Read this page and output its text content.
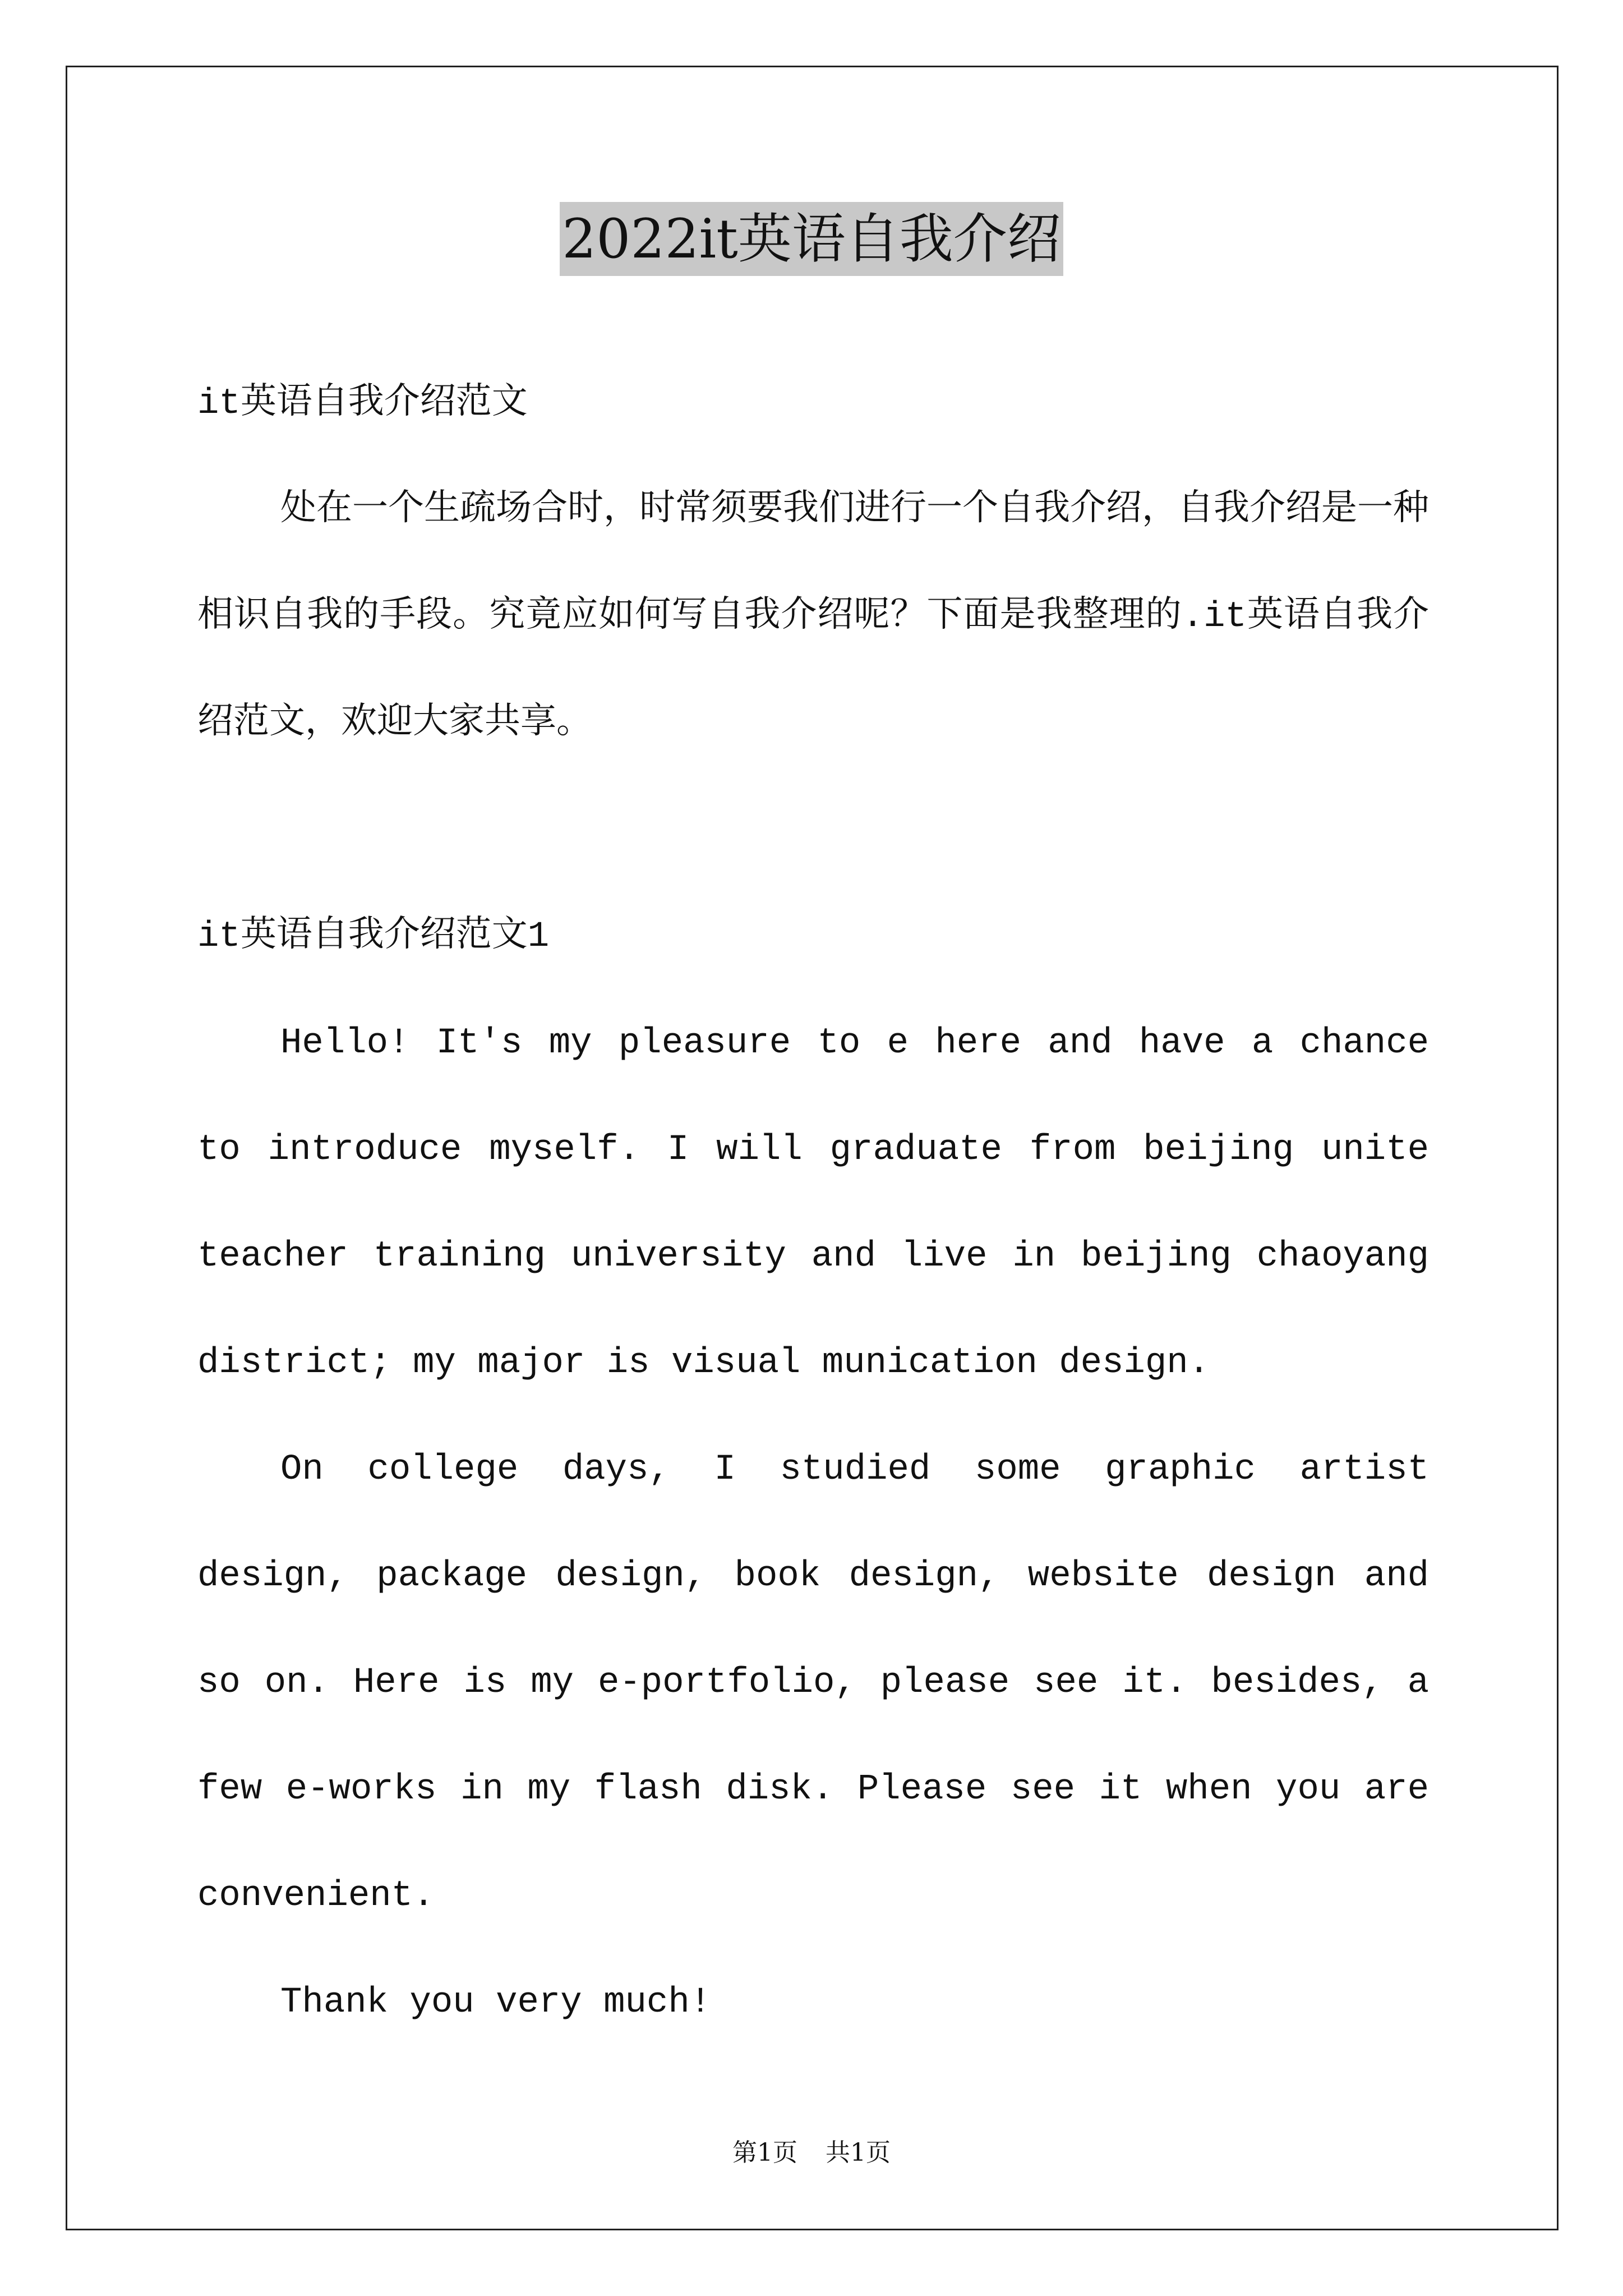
2022it英语自我介绍

it英语自我介绍范文

处在一个生疏场合时，时常须要我们进行一个自我介绍，自我介绍是一种相识自我的手段。究竟应如何写自我介绍呢？下面是我整理的.it英语自我介绍范文，欢迎大家共享。

it英语自我介绍范文1

Hello! It's my pleasure to e here and have a chance to introduce myself. I will graduate from beijing unite teacher training university and live in beijing chaoyang district; my major is visual munication design.

On college days, I studied some graphic artist design, package design, book design, website design and so on. Here is my e-portfolio, please see it. besides, a few e-works in my flash disk. Please see it when you are convenient.

Thank you very much!

第1页 共1页
